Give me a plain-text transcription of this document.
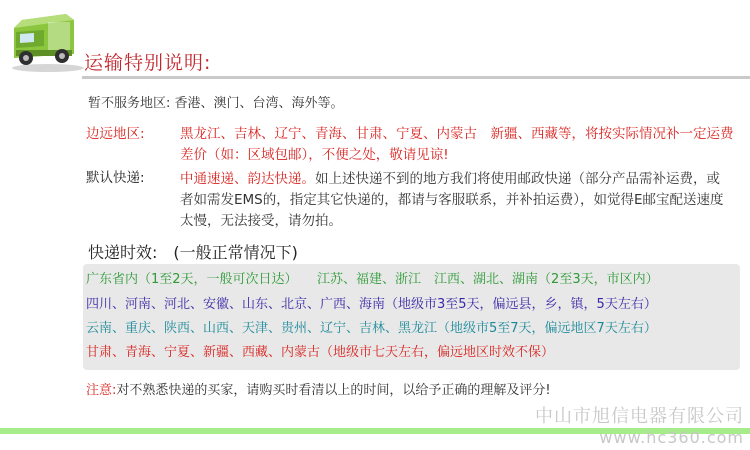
运输特别说明:
暂不服务地区: 香港、澳门、台湾、海外等。
边远地区:	黑龙江、吉林、辽宁、青海、甘肃、宁夏、内蒙古　新疆、西藏等，将按实际情况补一定运费差价（如：区域包邮），不便之处，敬请见谅!
默认快递:	中通速递、韵达快递。如上述快递不到的地方我们将使用邮政快递（部分产品需补运费，或者如需发EMS的，指定其它快递的，都请与客服联系，并补拍运费），如觉得E邮宝配送速度太慢，无法接受，请勿拍。
快递时效:　(一般正常情况下)
广东省内（1至2天，一般可次日达）　　江苏、福建、浙江　江西、湖北、湖南（2至3天，市区内）
四川、河南、河北、安徽、山东、北京、广西、海南（地级市3至5天，偏远县，乡，镇，5天左右）
云南、重庆、陕西、山西、天津、贵州、辽宁、吉林、黑龙江（地级市5至7天，偏远地区7天左右）
甘肃、青海、宁夏、新疆、西藏、内蒙古（地级市七天左右，偏远地区时效不保）
注意:对不熟悉快递的买家，请购买时看清以上的时间，以给予正确的理解及评分!
中山市旭信电器有限公司
www.hc360.com
